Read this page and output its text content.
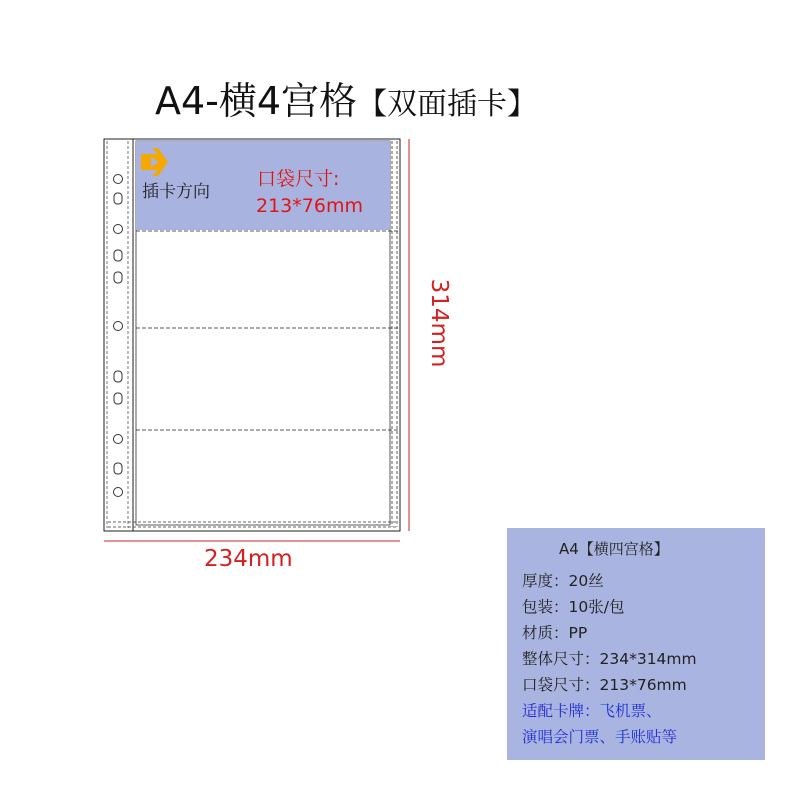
A4-横4宫格【双面插卡】
插卡方向
口袋尺寸:
213*76mm
234mm
314mm
A4【横四宫格】
厚度：20丝
包装：10张/包
材质：PP
整体尺寸：234*314mm
口袋尺寸：213*76mm
适配卡牌：飞机票、
演唱会门票、手账贴等
